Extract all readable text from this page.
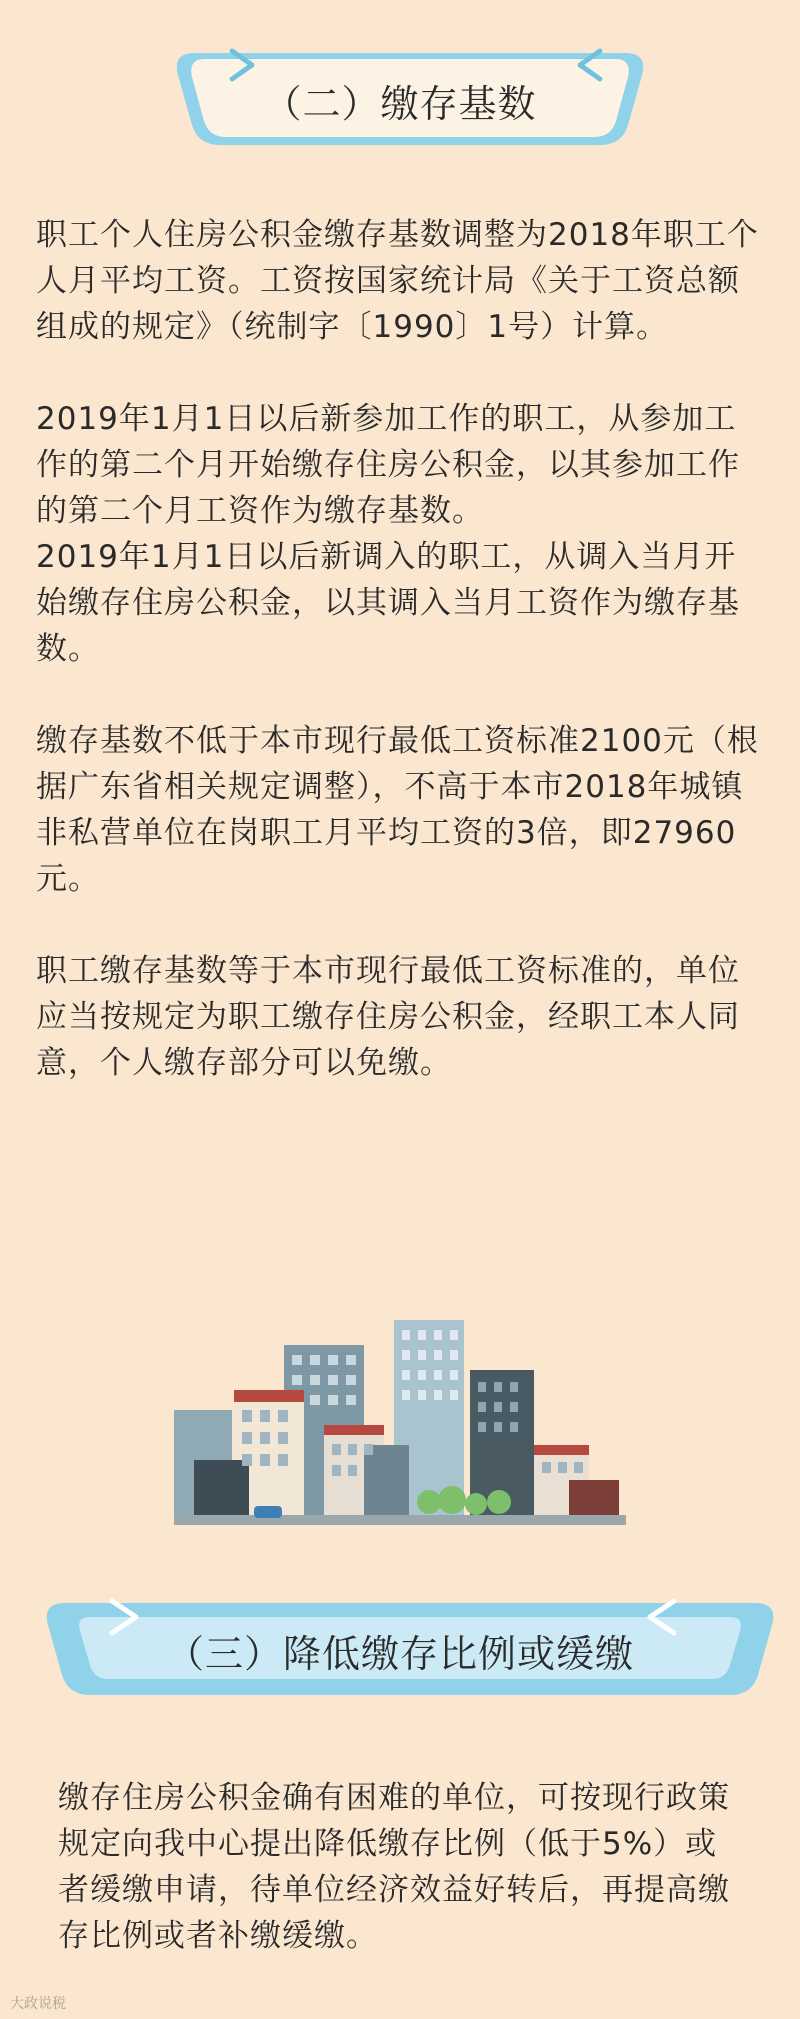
（二）缴存基数

职工个人住房公积金缴存基数调整为2018年职工个人月平均工资。工资按国家统计局《关于工资总额组成的规定》（统制字〔1990〕1号）计算。

2019年1月1日以后新参加工作的职工，从参加工作的第二个月开始缴存住房公积金，以其参加工作的第二个月工资作为缴存基数。

2019年1月1日以后新调入的职工，从调入当月开始缴存住房公积金，以其调入当月工资作为缴存基数。

缴存基数不低于本市现行最低工资标准2100元（根据广东省相关规定调整），不高于本市2018年城镇非私营单位在岗职工月平均工资的3倍，即27960元。

职工缴存基数等于本市现行最低工资标准的，单位应当按规定为职工缴存住房公积金，经职工本人同意，个人缴存部分可以免缴。

（三）降低缴存比例或缓缴

缴存住房公积金确有困难的单位，可按现行政策规定向我中心提出降低缴存比例（低于5%）或者缓缴申请，待单位经济效益好转后，再提高缴存比例或者补缴缓缴。

大政说税
